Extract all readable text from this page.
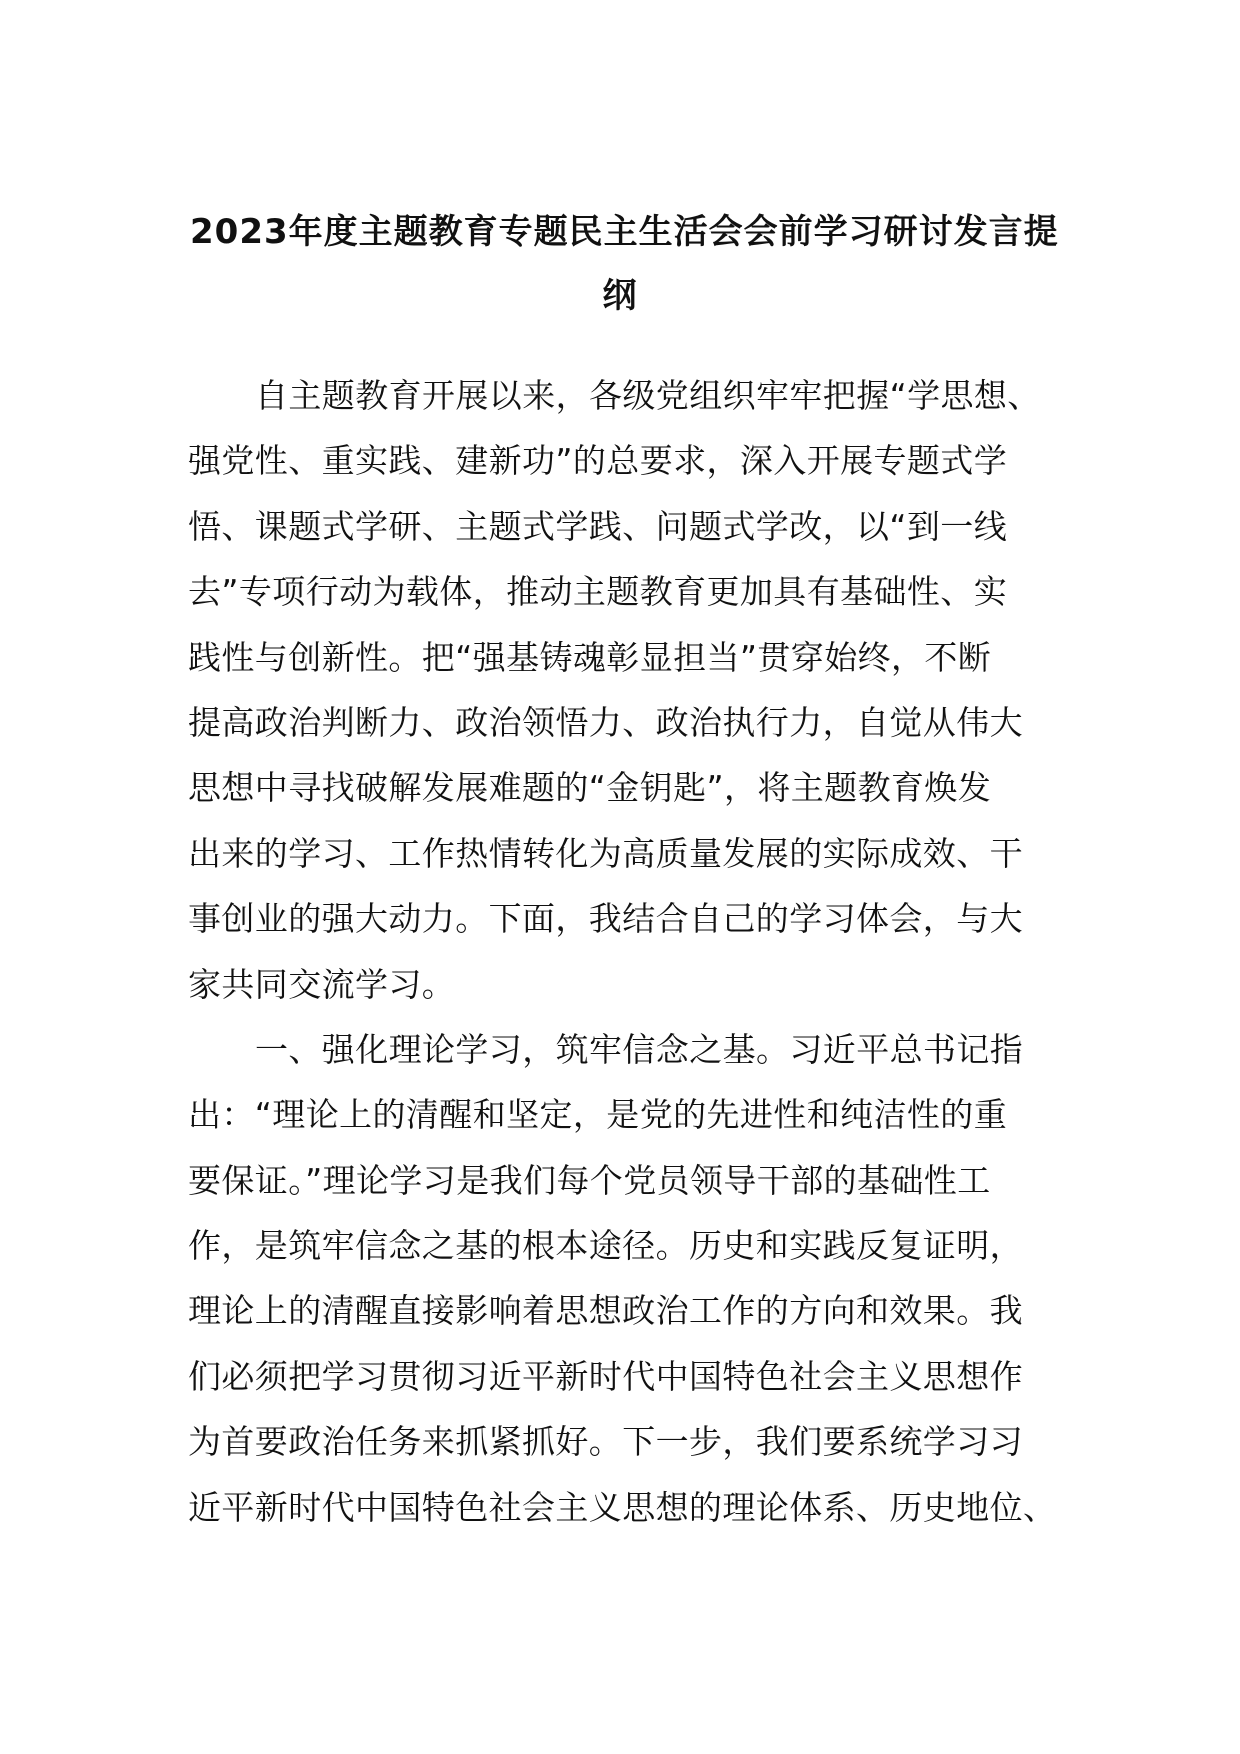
2023年度主题教育专题民主生活会会前学习研讨发言提
纲
自主题教育开展以来，各级党组织牢牢把握“学思想、
强党性、重实践、建新功”的总要求，深入开展专题式学
悟、课题式学研、主题式学践、问题式学改，以“到一线
去”专项行动为载体，推动主题教育更加具有基础性、实
践性与创新性。把“强基铸魂彰显担当”贯穿始终，不断
提高政治判断力、政治领悟力、政治执行力，自觉从伟大
思想中寻找破解发展难题的“金钥匙”，将主题教育焕发
出来的学习、工作热情转化为高质量发展的实际成效、干
事创业的强大动力。下面，我结合自己的学习体会，与大
家共同交流学习。
一、强化理论学习，筑牢信念之基。习近平总书记指
出：“理论上的清醒和坚定，是党的先进性和纯洁性的重
要保证。”理论学习是我们每个党员领导干部的基础性工
作，是筑牢信念之基的根本途径。历史和实践反复证明，
理论上的清醒直接影响着思想政治工作的方向和效果。我
们必须把学习贯彻习近平新时代中国特色社会主义思想作
为首要政治任务来抓紧抓好。下一步，我们要系统学习习
近平新时代中国特色社会主义思想的理论体系、历史地位、
